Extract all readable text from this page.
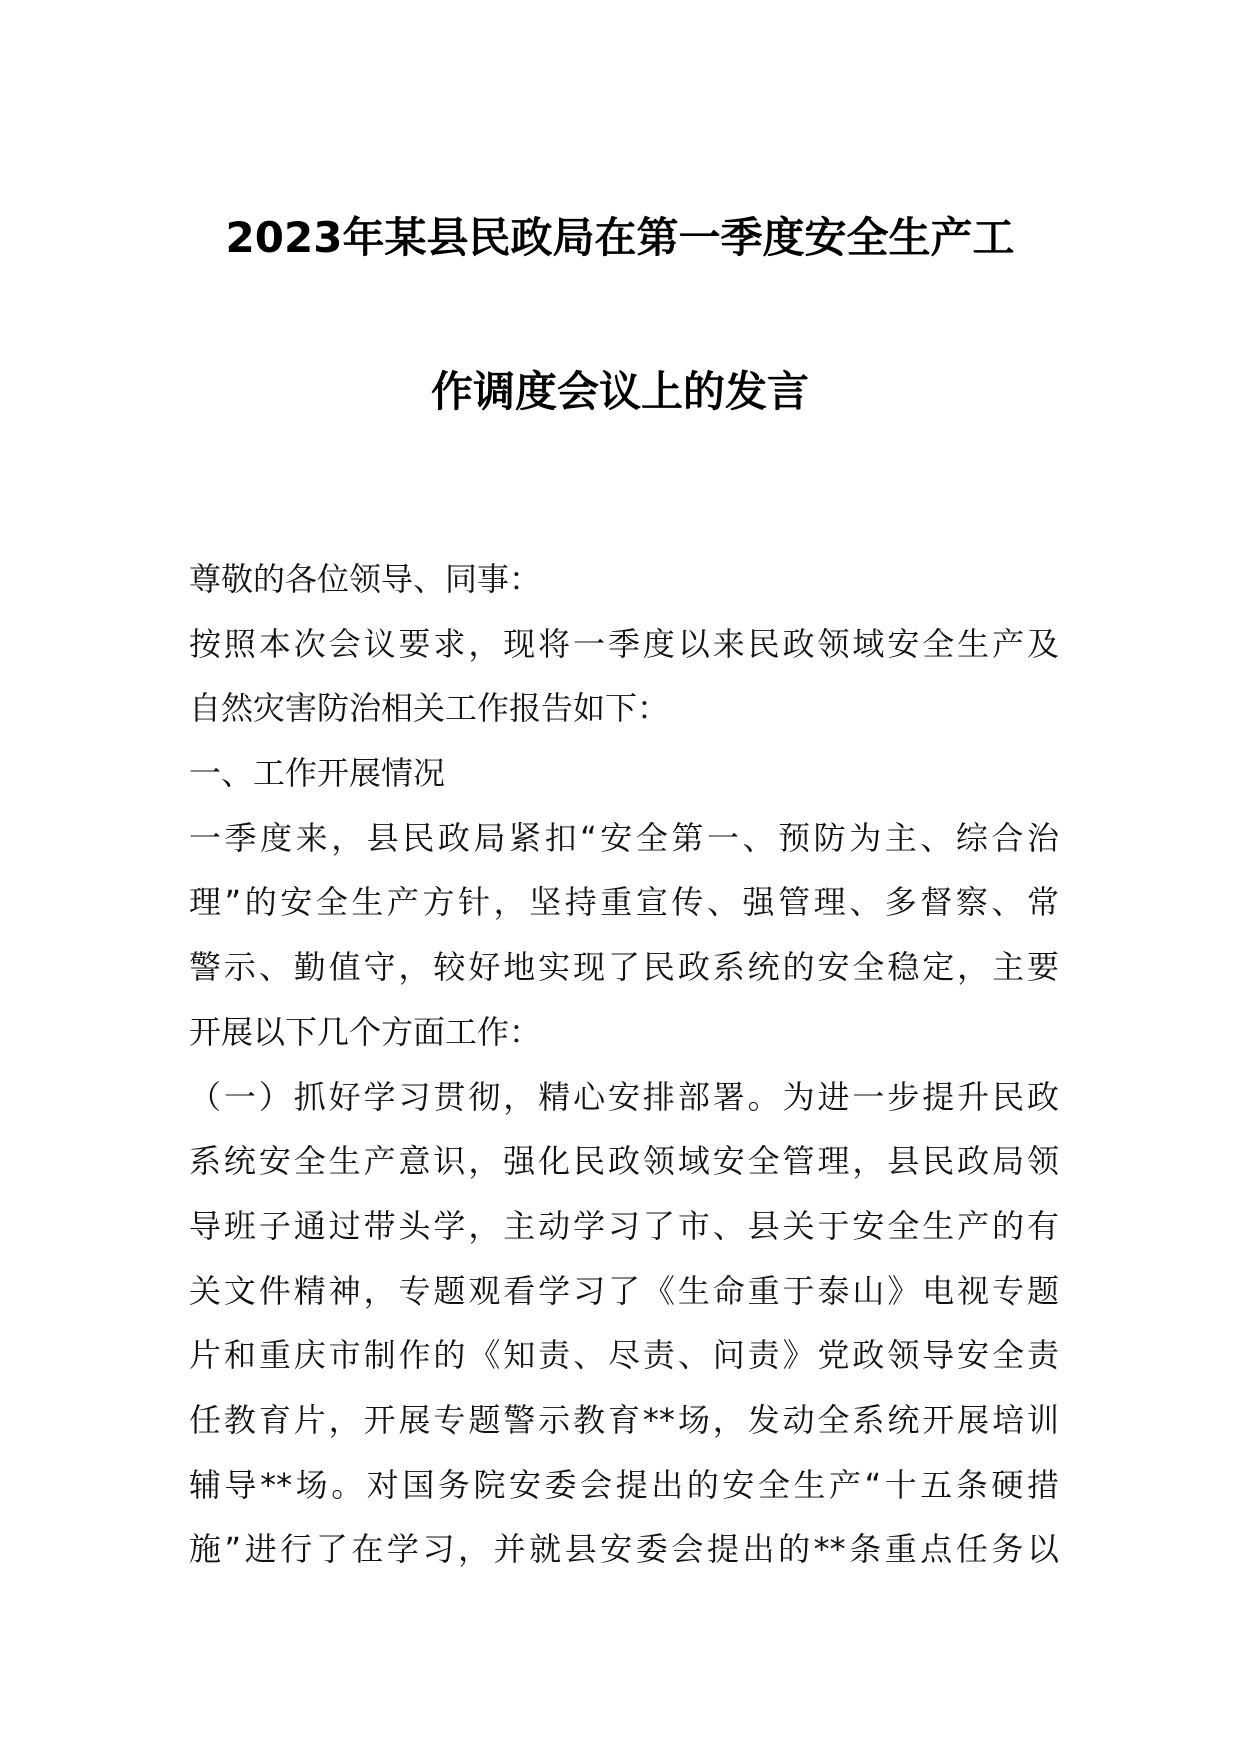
2023年某县民政局在第一季度安全生产工
作调度会议上的发言
尊敬的各位领导、同事：
按照本次会议要求，现将一季度以来民政领域安全生产及
自然灾害防治相关工作报告如下：
一、工作开展情况
一季度来，县民政局紧扣“安全第一、预防为主、综合治
理”的安全生产方针，坚持重宣传、强管理、多督察、常
警示、勤值守，较好地实现了民政系统的安全稳定，主要
开展以下几个方面工作：
（一）抓好学习贯彻，精心安排部署。为进一步提升民政
系统安全生产意识，强化民政领域安全管理，县民政局领
导班子通过带头学，主动学习了市、县关于安全生产的有
关文件精神，专题观看学习了《生命重于泰山》电视专题
片和重庆市制作的《知责、尽责、问责》党政领导安全责
任教育片，开展专题警示教育**场，发动全系统开展培训
辅导**场。对国务院安委会提出的安全生产“十五条硬措
施”进行了在学习，并就县安委会提出的**条重点任务以
